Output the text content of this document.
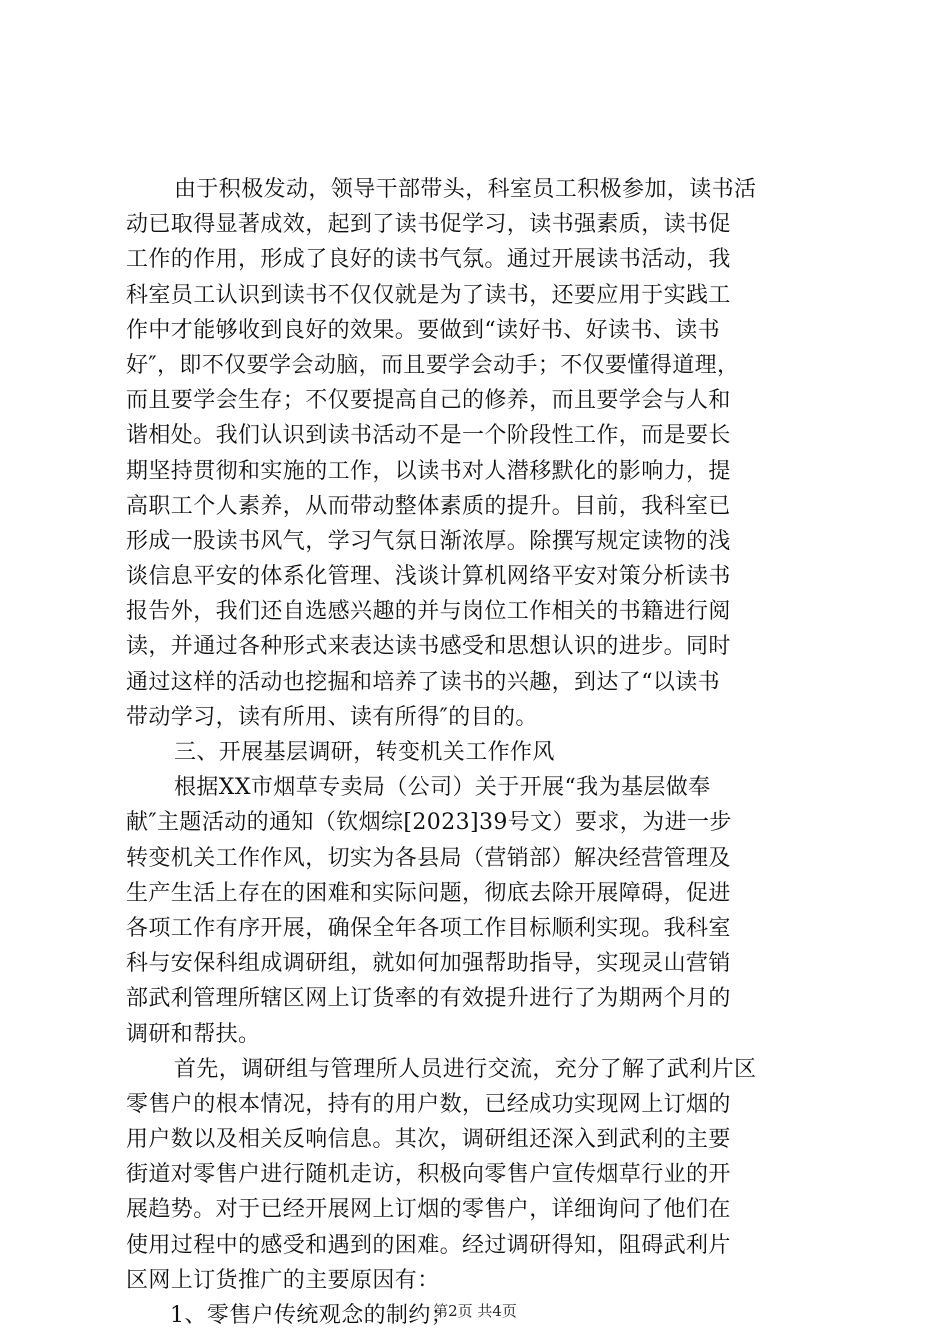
由于积极发动，领导干部带头，科室员工积极参加，读书活
动已取得显著成效，起到了读书促学习，读书强素质，读书促
工作的作用，形成了良好的读书气氛。通过开展读书活动，我
科室员工认识到读书不仅仅就是为了读书，还要应用于实践工
作中才能够收到良好的效果。要做到“读好书、好读书、读书
好″，即不仅要学会动脑，而且要学会动手；不仅要懂得道理，
而且要学会生存；不仅要提高自己的修养，而且要学会与人和
谐相处。我们认识到读书活动不是一个阶段性工作，而是要长
期坚持贯彻和实施的工作，以读书对人潜移默化的影响力，提
高职工个人素养，从而带动整体素质的提升。目前，我科室已
形成一股读书风气，学习气氛日渐浓厚。除撰写规定读物的浅
谈信息平安的体系化管理、浅谈计算机网络平安对策分析读书
报告外，我们还自选感兴趣的并与岗位工作相关的书籍进行阅
读，并通过各种形式来表达读书感受和思想认识的进步。同时
通过这样的活动也挖掘和培养了读书的兴趣，到达了“以读书
带动学习，读有所用、读有所得″的目的。
三、开展基层调研，转变机关工作作风
根据XX市烟草专卖局（公司）关于开展“我为基层做奉
献″主题活动的通知（钦烟综[2023]39号文）要求，为进一步
转变机关工作作风，切实为各县局（营销部）解决经营管理及
生产生活上存在的困难和实际问题，彻底去除开展障碍，促进
各项工作有序开展，确保全年各项工作目标顺利实现。我科室
科与安保科组成调研组，就如何加强帮助指导，实现灵山营销
部武利管理所辖区网上订货率的有效提升进行了为期两个月的
调研和帮扶。
首先，调研组与管理所人员进行交流，充分了解了武利片区
零售户的根本情况，持有的用户数，已经成功实现网上订烟的
用户数以及相关反响信息。其次，调研组还深入到武利的主要
街道对零售户进行随机走访，积极向零售户宣传烟草行业的开
展趋势。对于已经开展网上订烟的零售户，详细询问了他们在
使用过程中的感受和遇到的困难。经过调研得知，阻碍武利片
区网上订货推广的主要原因有：
1、零售户传统观念的制约；
第2页 共4页
